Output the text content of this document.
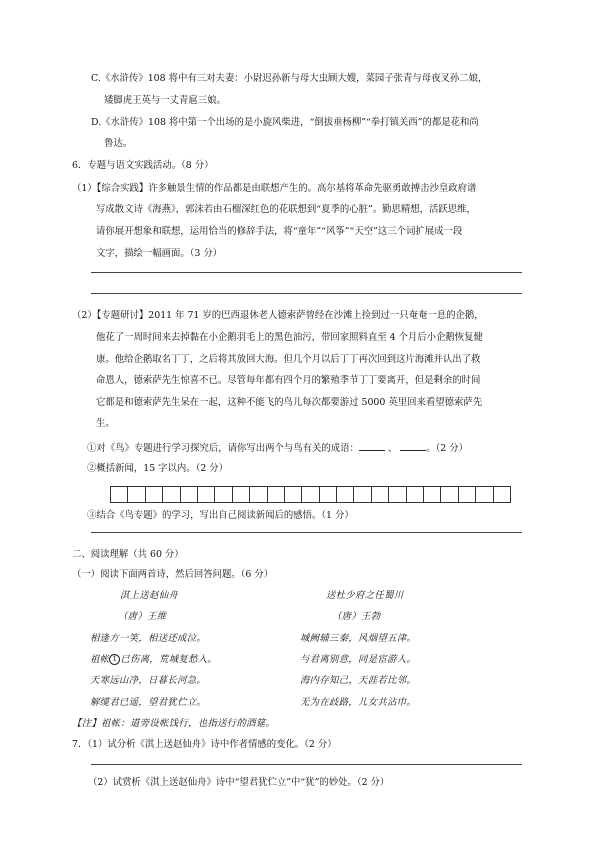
C.《水浒传》108 将中有三对夫妻：小尉迟孙新与母大虫顾大嫂，菜园子张青与母夜叉孙二娘，
矮脚虎王英与一丈青扈三娘。
D.《水浒传》108 将中第一个出场的是小旋风柴进，“倒拔垂杨柳”“拳打镇关西”的都是花和尚
鲁达。
6．专题与语文实践活动。（8 分）
（1）【综合实践】许多触景生情的作品都是由联想产生的。高尔基将革命先驱勇敢搏击沙皇政府谱
写成散文诗《海燕》，郭沫若由石榴深红色的花联想到“夏季的心脏”。勤思精想，活跃思维，
请你展开想象和联想，运用恰当的修辞手法，将“童年”“风筝”“天空”这三个词扩展成一段
文字，描绘一幅画面。（3 分）
（2）【专题研讨】2011 年 71 岁的巴西退休老人德索萨曾经在沙滩上捡到过一只奄奄一息的企鹅，
他花了一周时间来去掉黏在小企鹅羽毛上的黑色油污，带回家照料直至 4 个月后小企鹅恢复健
康。他给企鹅取名丁丁，之后将其放回大海。但几个月以后丁丁再次回到这片海滩并认出了救
命恩人，德索萨先生惊喜不已。尽管每年都有四个月的繁殖季节丁丁要离开，但是剩余的时间
它都是和德索萨先生呆在一起，这种不能飞的鸟儿每次都要游过 5000 英里回来看望德索萨先
生。
①对《鸟》专题进行学习探究后，请你写出两个与鸟有关的成语：	、	。（2 分）
②概括新闻，15 字以内。（2 分）
③结合《鸟专题》的学习，写出自己阅读新闻后的感悟。（1 分）
二、阅读理解（共 60 分）
（一）阅读下面两首诗，然后回答问题。（6 分）
淇上送赵仙舟
（唐）王维
相逢方一笑，相送还成泣。
祖帐 1 已伤离，荒城复愁入。
天寒远山净，日暮长河急。
解缆君已遥，望君犹伫立。
送杜少府之任蜀川
（唐）王勃
城阙辅三秦，风烟望五津。
与君离别意，同是宦游人。
海内存知己，天涯若比邻。
无为在歧路，儿女共沾巾。
【注】祖帐：道旁设帐饯行，也指送行的酒筵。
7．（1）试分析《淇上送赵仙舟》诗中作者情感的变化。（2 分）
（2）试赏析《淇上送赵仙舟》诗中“望君犹伫立”中“犹”的妙处。（2 分）
